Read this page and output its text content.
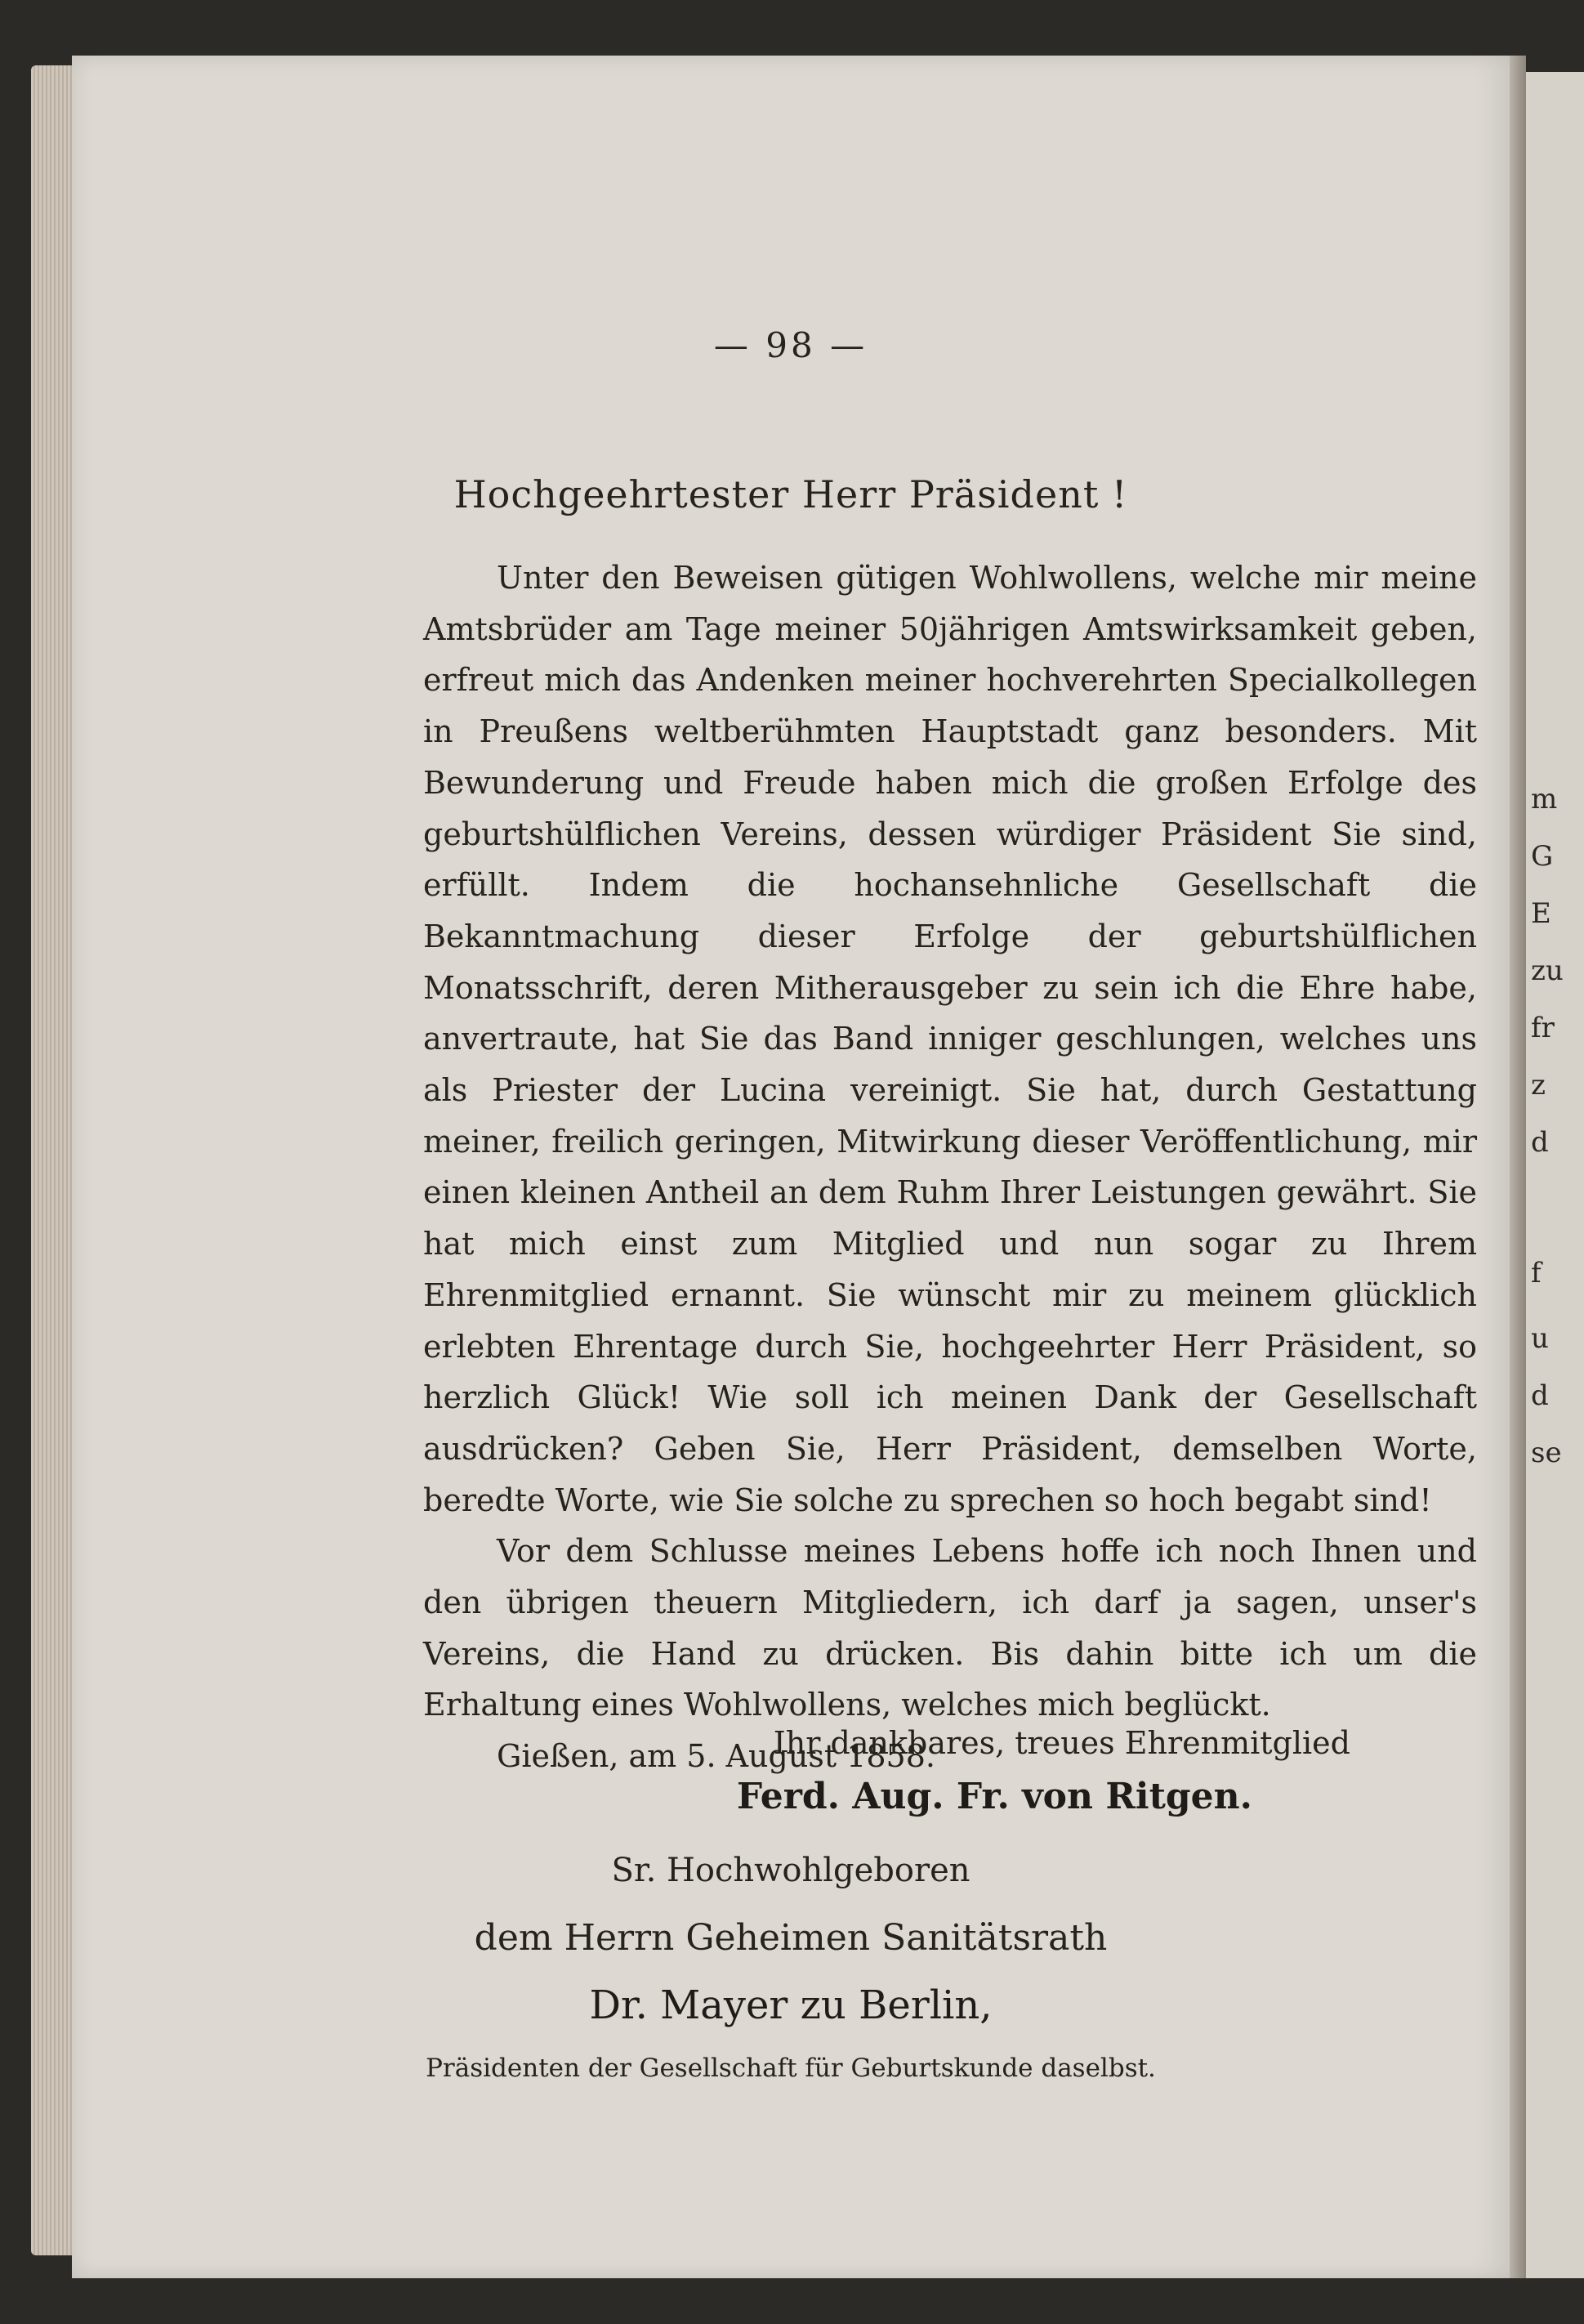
— 98 —
Hochgeehrtester Herr Präsident !

Unter den Beweisen gütigen Wohlwollens, welche mir meine Amtsbrüder am Tage meiner 50jährigen Amtswirksamkeit geben, erfreut mich das Andenken meiner hochverehrten Specialkollegen in Preußens weltberühmten Hauptstadt ganz besonders. Mit Bewunderung und Freude haben mich die großen Erfolge des geburtshülflichen Vereins, dessen würdiger Präsident Sie sind, erfüllt. Indem die hochansehnliche Gesellschaft die Bekanntmachung dieser Erfolge der geburtshülflichen Monatsschrift, deren Mitherausgeber zu sein ich die Ehre habe, anvertraute, hat Sie das Band inniger geschlungen, welches uns als Priester der Lucina vereinigt. Sie hat, durch Gestattung meiner, freilich geringen, Mitwirkung dieser Veröffentlichung, mir einen kleinen Antheil an dem Ruhm Ihrer Leistungen gewährt. Sie hat mich einst zum Mitglied und nun sogar zu Ihrem Ehrenmitglied ernannt. Sie wünscht mir zu meinem glücklich erlebten Ehrentage durch Sie, hochgeehrter Herr Präsident, so herzlich Glück! Wie soll ich meinen Dank der Gesellschaft ausdrücken? Geben Sie, Herr Präsident, demselben Worte, beredte Worte, wie Sie solche zu sprechen so hoch begabt sind!

Vor dem Schlusse meines Lebens hoffe ich noch Ihnen und den übrigen theuern Mitgliedern, ich darf ja sagen, unser's Vereins, die Hand zu drücken. Bis dahin bitte ich um die Erhaltung eines Wohlwollens, welches mich beglückt.

Gießen, am 5. August 1858.

Ihr dankbares, treues Ehrenmitglied
Ferd. Aug. Fr. von Ritgen.
Sr. Hochwohlgeboren
dem Herrn Geheimen Sanitätsrath
Dr. Mayer zu Berlin,
Präsidenten der Gesellschaft für Geburtskunde daselbst.
m
G
E
zu
fr
z
d
f
u
d
se
